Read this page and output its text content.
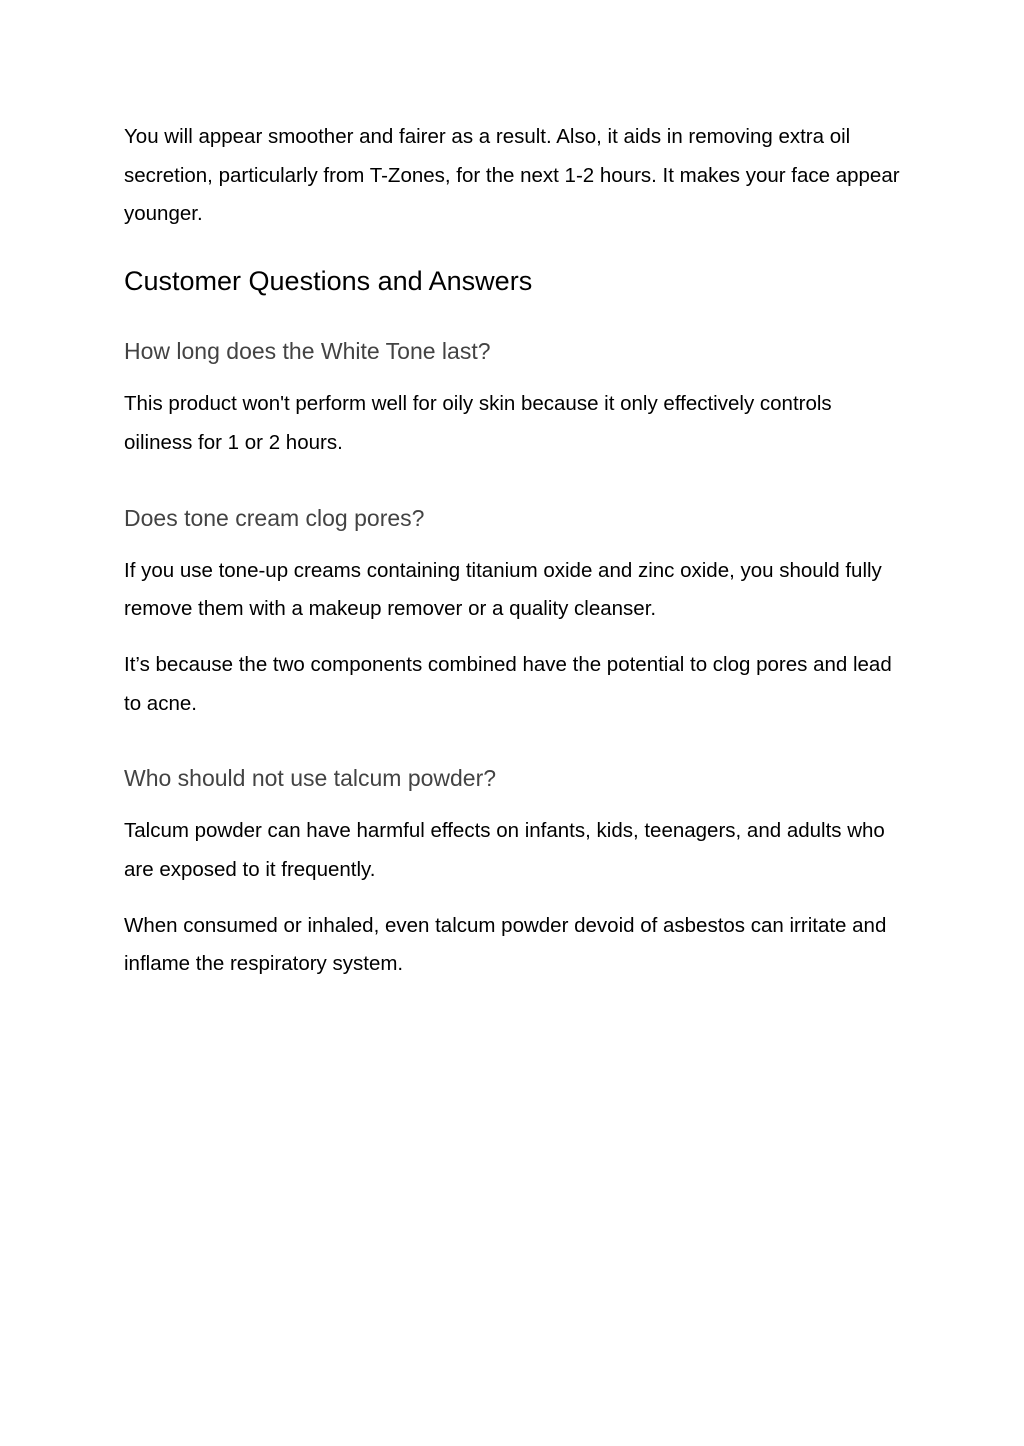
You will appear smoother and fairer as a result. Also, it aids in removing extra oil secretion, particularly from T-Zones, for the next 1-2 hours. It makes your face appear younger.

Customer Questions and Answers
How long does the White Tone last?

This product won't perform well for oily skin because it only effectively controls oiliness for 1 or 2 hours.

Does tone cream clog pores?

If you use tone-up creams containing titanium oxide and zinc oxide, you should fully remove them with a makeup remover or a quality cleanser.

It’s because the two components combined have the potential to clog pores and lead to acne.

Who should not use talcum powder?

Talcum powder can have harmful effects on infants, kids, teenagers, and adults who are exposed to it frequently.

When consumed or inhaled, even talcum powder devoid of asbestos can irritate and inflame the respiratory system.
